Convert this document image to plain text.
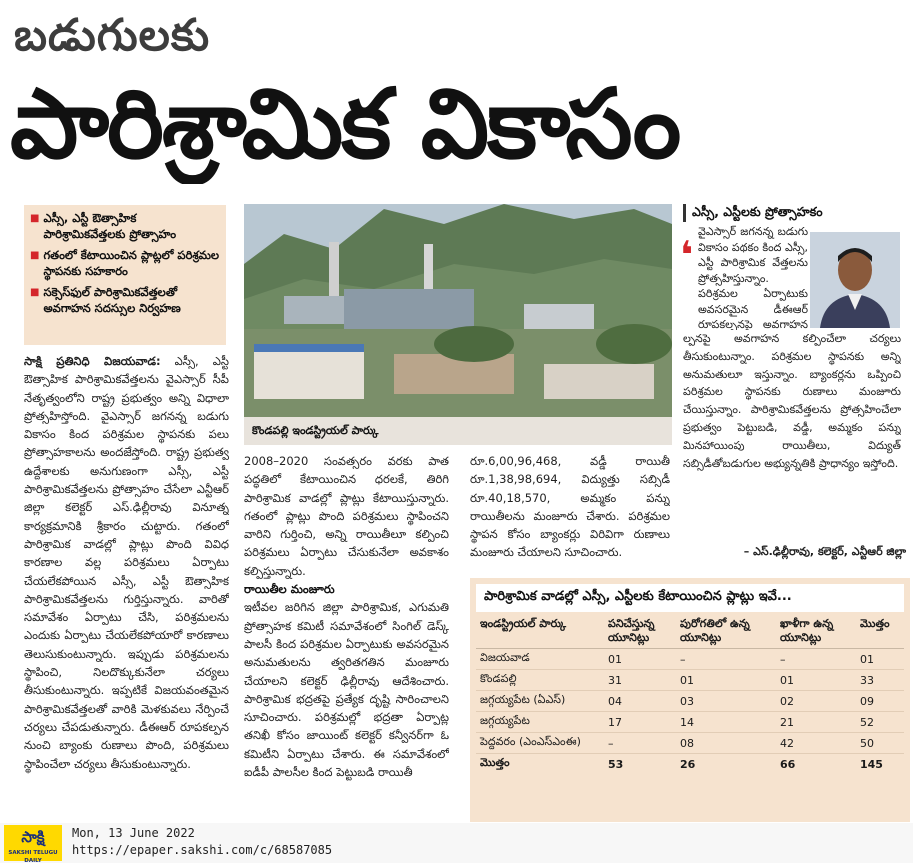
బడుగులకు
పారిశ్రామిక వికాసం
■ ఎస్సీ, ఎస్టీ ఔత్సాహిక పారిశ్రామికవేత్తలకు ప్రోత్సాహం
■ గతంలో కేటాయించిన ప్లాట్లలో పరిశ్రమల స్థాపనకు సహకారం
■ సక్సెస్‌ఫుల్‌ పారిశ్రామికవేత్తలతో అవగాహన సదస్సుల నిర్వహణ

సాక్షి ప్రతినిధి విజయవాడ: ఎస్సీ, ఎస్టీ ఔత్సాహిక పారిశ్రామికవేత్తలను వైఎస్సార్‌ సీపీ నేతృత్వంలోని రాష్ట్ర ప్రభుత్వం అన్ని విధాలా ప్రోత్సహిస్తోంది. వైఎస్సార్‌ జగనన్న బడుగు వికాసం కింద పరిశ్రమల స్థాపనకు పలు ప్రోత్సాహకాలను అందజేస్తోంది. రాష్ట్ర ప్రభుత్వ ఉద్దేశాలకు అనుగుణంగా ఎస్సీ, ఎస్టీ పారిశ్రామికవేత్తలను ప్రోత్సాహం చేసేలా ఎన్టీఆర్‌ జిల్లా కలెక్టర్‌ ఎస్‌.ఢిల్లీరావు వినూత్న కార్యక్రమానికి శ్రీకారం చుట్టారు. గతంలో పారిశ్రామిక వాడల్లో ప్లాట్లు పొంది వివిధ కారణాల వల్ల పరిశ్రమలు ఏర్పాటు చేయలేకపోయిన ఎస్సీ, ఎస్టీ ఔత్సాహిక పారిశ్రామికవేత్తలను గుర్తిస్తున్నారు. వారితో సమావేశం ఏర్పాటు చేసి, పరిశ్రమలను ఎందుకు ఏర్పాటు చేయలేకపోయారో కారణాలు తెలుసుకుంటున్నారు. ఇప్పుడు పరిశ్రమలను స్థాపించి, నిలదొక్కుకునేలా చర్యలు తీసుకుంటున్నారు. ఇప్పటికే విజయవంతమైన పారిశ్రామికవేత్తలతో వారికి మెళకువలు నేర్పించే చర్యలు చేపడుతున్నారు. డీఈఆర్‌ రూపకల్పన నుంచి బ్యాంకు రుణాలు పొంది, పరిశ్రమలు స్థాపించేలా చర్యలు తీసుకుంటున్నారు.

కొండపల్లి ఇండస్ట్రియల్‌ పార్కు

2008–2020 సంవత్సరం వరకు పాత పద్ధతిలో కేటాయించిన ధరలకే, తిరిగి పారిశ్రామిక వాడల్లో ప్లాట్లు కేటాయిస్తున్నారు. గతంలో ప్లాట్లు పొంది పరిశ్రమలు స్థాపించని వారిని గుర్తించి, అన్ని రాయితీలూ కల్పించి పరిశ్రమలు ఏర్పాటు చేసుకునేలా అవకాశం కల్పిస్తున్నారు.

రాయితీల మంజూరు

ఇటీవల జరిగిన జిల్లా పారిశ్రామిక, ఎగుమతి ప్రోత్సాహక కమిటీ సమావేశంలో సింగిల్‌ డెస్క్‌ పాలసీ కింద పరిశ్రమల ఏర్పాటుకు అవసరమైన అనుమతులను త్వరితగతిన మంజూరు చేయాలని కలెక్టర్‌ ఢిల్లీరావు ఆదేశించారు. పారిశ్రామిక భద్రతపై ప్రత్యేక దృష్టి సారించాలని సూచించారు. పరిశ్రమల్లో భద్రతా ఏర్పాట్ల తనిఖీ కోసం జాయింట్‌ కలెక్టర్‌ కన్వీనర్‌గా ఓ కమిటీని ఏర్పాటు చేశారు. ఈ సమావేశంలో ఐడీపీ పాలసీల కింద పెట్టుబడి రాయితీ

రూ.6,00,96,468, వడ్డీ రాయితీ రూ.1,38,98,694, విద్యుత్తు సబ్సిడీ రూ.40,18,570, అమ్మకం పన్ను రాయితీలను మంజూరు చేశారు. పరిశ్రమల స్థాపన కోసం బ్యాంకర్లు విరివిగా రుణాలు మంజూరు చేయాలని సూచించారు.

ఎస్సీ, ఎస్టీలకు ప్రోత్సాహకం
❛

వైఎస్సార్‌ జగనన్న బడుగు వికాసం పథకం కింద ఎస్సీ, ఎస్టీ పారిశ్రామిక వేత్తలను ప్రోత్సహిస్తున్నాం. పరిశ్రమల ఏర్పాటుకు అవసరమైన డీఈఆర్‌ రూపకల్పనపై అవగాహన

ల్పనపై అవగాహన కల్పించేలా చర్యలు తీసుకుంటున్నాం. పరిశ్రమల స్థాపనకు అన్ని అనుమతులూ ఇస్తున్నాం. బ్యాంకర్లను ఒప్పించి పరిశ్రమల స్థాపనకు రుణాలు మంజూరు చేయిస్తున్నాం. పారిశ్రామికవేత్తలను ప్రోత్సహించేలా ప్రభుత్వం పెట్టుబడి, వడ్డీ, అమ్మకం పన్ను మినహాయింపు రాయితీలు, విద్యుత్‌ సబ్సిడీతోబడుగుల అభ్యున్నతికి ప్రాధాన్యం ఇస్తోంది.

– ఎస్‌.ఢిల్లీరావు, కలెక్టర్‌, ఎన్టీఆర్‌ జిల్లా
పారిశ్రామిక వాడల్లో ఎస్సీ, ఎస్టీలకు కేటాయించిన ప్లాట్లు ఇవే...
ఇండస్ట్రియల్‌ పార్కు	పనిచేస్తున్న యూనిట్లు	పురోగతిలో ఉన్న యూనిట్లు	ఖాళీగా ఉన్న యూనిట్లు	మొత్తం
విజయవాడ	01	–	–	01
కొండపల్లి	31	01	01	33
జగ్గయ్యపేట (ఏఎస్‌)	04	03	02	09
జగ్గయ్యపేట	17	14	21	52
పెద్దవరం (ఎంఎస్‌ఎంఈ)	–	08	42	50
మొత్తం	53	26	66	145
సాక్షి
SAKSHI TELUGU DAILY
Mon, 13 June 2022
https://epaper.sakshi.com/c/68587085
